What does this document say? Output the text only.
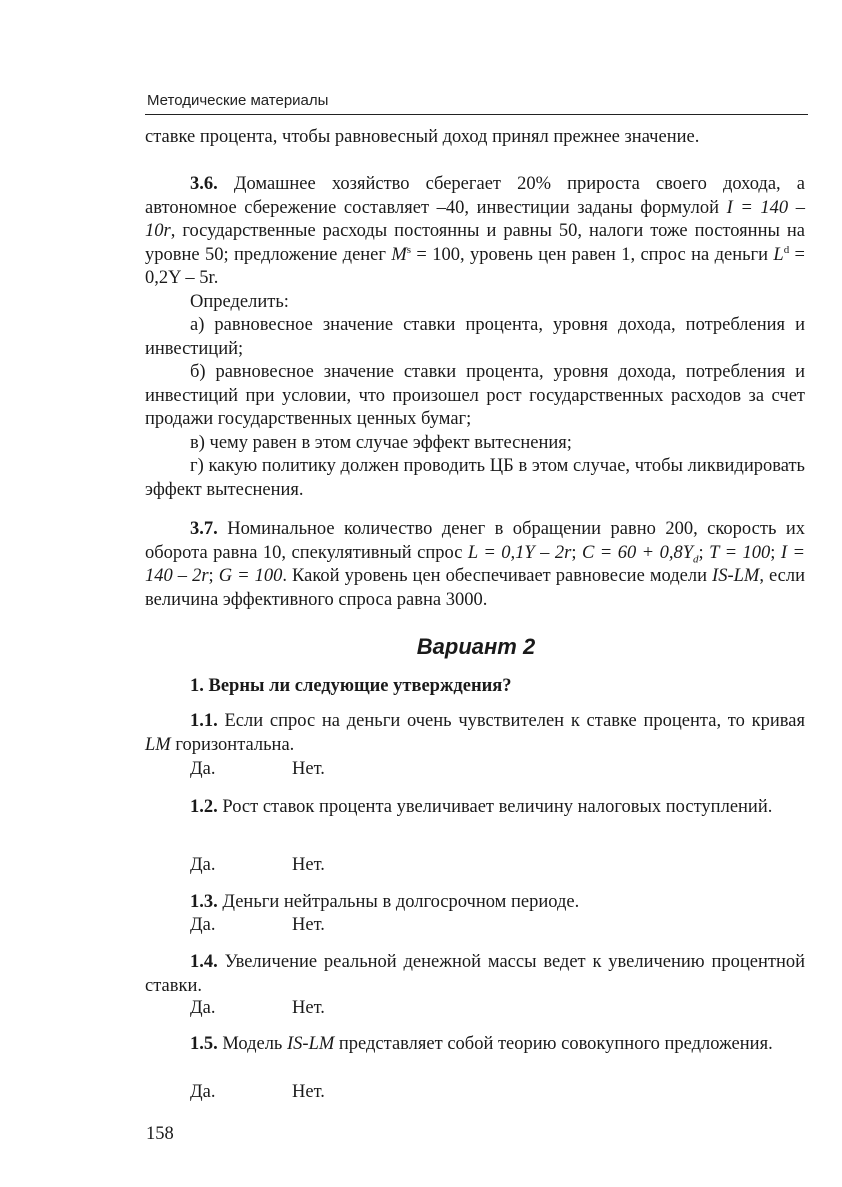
Методические материалы

ставке процента, чтобы равновесный доход принял прежнее значение.

3.6. Домашнее хозяйство сберегает 20% прироста своего дохода, а автономное сбережение составляет –40, инвестиции заданы формулой I = 140 – 10r, государственные расходы постоянны и равны 50, налоги тоже постоянны на уровне 50; предложение денег $M^s = 100$, уровень цен равен 1, спрос на деньги $L^d = 0,2Y - 5r$.

Определить:

а) равновесное значение ставки процента, уровня дохода, потребления и инвестиций;

б) равновесное значение ставки процента, уровня дохода, потребления и инвестиций при условии, что произошел рост государственных расходов за счет продажи государственных ценных бумаг;

в) чему равен в этом случае эффект вытеснения;

г) какую политику должен проводить ЦБ в этом случае, чтобы ликвидировать эффект вытеснения.

3.7. Номинальное количество денег в обращении равно 200, скорость их оборота равна 10, спекулятивный спрос L = 0,1Y – 2r; $C = 60 + 0,8Y_d$; T = 100; I = 140 – 2r; G = 100. Какой уровень цен обеспечивает равновесие модели IS-LM, если величина эффективного спроса равна 3000.

Вариант 2
1. Верны ли следующие утверждения?

1.1. Если спрос на деньги очень чувствителен к ставке процента, то кривая LM горизонтальна.

Да.	Нет.

1.2. Рост ставок процента увеличивает величину налоговых поступлений.

Да.	Нет.

1.3. Деньги нейтральны в долгосрочном периоде.

Да.	Нет.

1.4. Увеличение реальной денежной массы ведет к увеличению процентной ставки.

Да.	Нет.

1.5. Модель IS-LM представляет собой теорию совокупного предложения.

Да.	Нет.
158
